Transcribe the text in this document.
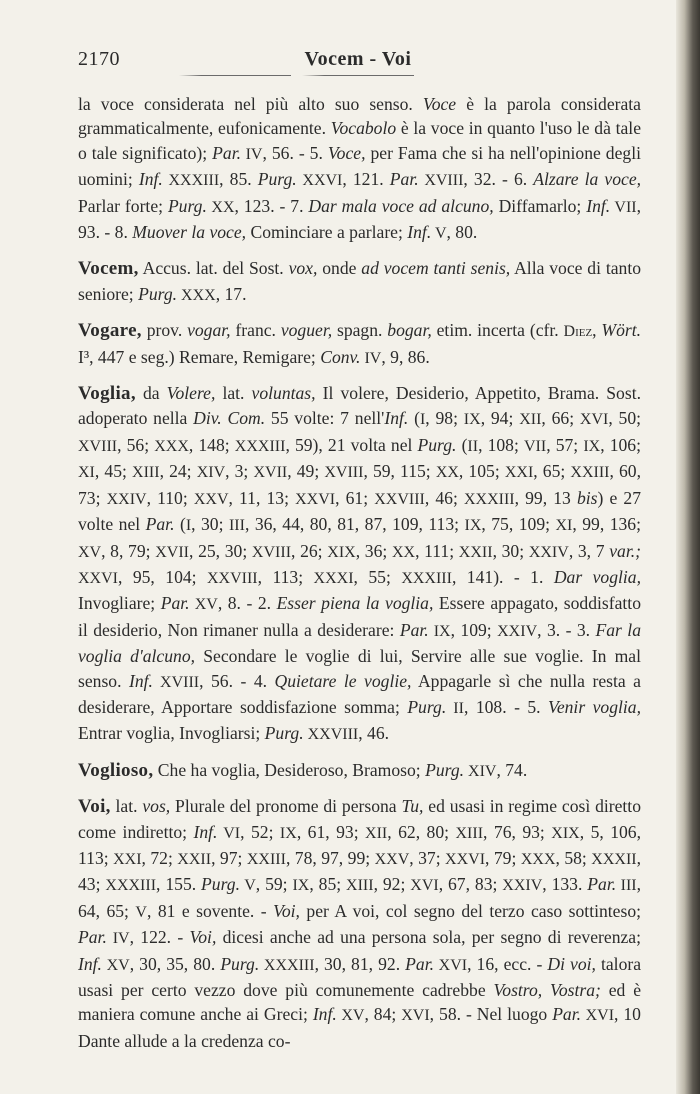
2170	Vocem - Voi

la voce considerata nel più alto suo senso. Voce è la parola considerata grammaticalmente, eufonicamente. Vocabolo è la voce in quanto l'uso le dà tale o tale significato); Par. IV, 56. - 5. Voce, per Fama che si ha nell'opinione degli uomini; Inf. XXXIII, 85. Purg. XXVI, 121. Par. XVIII, 32. - 6. Alzare la voce, Parlar forte; Purg. XX, 123. - 7. Dar mala voce ad alcuno, Diffamarlo; Inf. VII, 93. - 8. Muover la voce, Cominciare a parlare; Inf. V, 80.

Vocem, Accus. lat. del Sost. vox, onde ad vocem tanti senis, Alla voce di tanto seniore; Purg. XXX, 17.

Vogare, prov. vogar, franc. voguer, spagn. bogar, etim. incerta (cfr. Diez, Wört. I³, 447 e seg.) Remare, Remigare; Conv. IV, 9, 86.

Voglia, da Volere, lat. voluntas, Il volere, Desiderio, Appetito, Brama. Sost. adoperato nella Div. Com. 55 volte: 7 nell'Inf. (I, 98; IX, 94; XII, 66; XVI, 50; XVIII, 56; XXX, 148; XXXIII, 59), 21 volta nel Purg. (II, 108; VII, 57; IX, 106; XI, 45; XIII, 24; XIV, 3; XVII, 49; XVIII, 59, 115; XX, 105; XXI, 65; XXIII, 60, 73; XXIV, 110; XXV, 11, 13; XXVI, 61; XXVIII, 46; XXXIII, 99, 13 bis) e 27 volte nel Par. (I, 30; III, 36, 44, 80, 81, 87, 109, 113; IX, 75, 109; XI, 99, 136; XV, 8, 79; XVII, 25, 30; XVIII, 26; XIX, 36; XX, 111; XXII, 30; XXIV, 3, 7 var.; XXVI, 95, 104; XXVIII, 113; XXXI, 55; XXXIII, 141). - 1. Dar voglia, Invogliare; Par. XV, 8. - 2. Esser piena la voglia, Essere appagato, soddisfatto il desiderio, Non rimaner nulla a desiderare: Par. IX, 109; XXIV, 3. - 3. Far la voglia d'alcuno, Secondare le voglie di lui, Servire alle sue voglie. In mal senso. Inf. XVIII, 56. - 4. Quietare le voglie, Appagarle sì che nulla resta a desiderare, Apportare soddisfazione somma; Purg. II, 108. - 5. Venir voglia, Entrar voglia, Invogliarsi; Purg. XXVIII, 46.

Voglioso, Che ha voglia, Desideroso, Bramoso; Purg. XIV, 74.

Voi, lat. vos, Plurale del pronome di persona Tu, ed usasi in regime così diretto come indiretto; Inf. VI, 52; IX, 61, 93; XII, 62, 80; XIII, 76, 93; XIX, 5, 106, 113; XXI, 72; XXII, 97; XXIII, 78, 97, 99; XXV, 37; XXVI, 79; XXX, 58; XXXII, 43; XXXIII, 155. Purg. V, 59; IX, 85; XIII, 92; XVI, 67, 83; XXIV, 133. Par. III, 64, 65; V, 81 e sovente. - Voi, per A voi, col segno del terzo caso sottinteso; Par. IV, 122. - Voi, dicesi anche ad una persona sola, per segno di reverenza; Inf. XV, 30, 35, 80. Purg. XXXIII, 30, 81, 92. Par. XVI, 16, ecc. - Di voi, talora usasi per certo vezzo dove più comunemente cadrebbe Vostro, Vostra; ed è maniera comune anche ai Greci; Inf. XV, 84; XVI, 58. - Nel luogo Par. XVI, 10 Dante allude a la credenza co-
